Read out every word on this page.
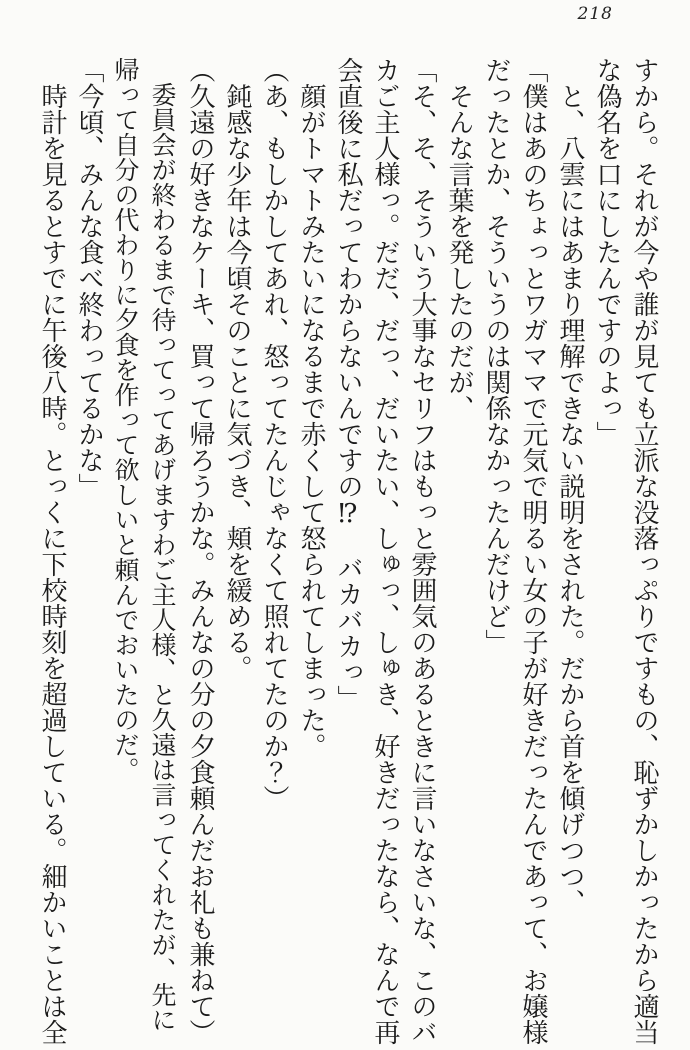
218

すから。それが今や誰が見ても立派な没落っぷりですもの、恥ずかしかったから適当な偽名を口にしたんですのよっ」

と、八雲にはあまり理解できない説明をされた。だから首を傾げつつ、

「僕はあのちょっとワガママで元気で明るい女の子が好きだったんであって、お嬢様だったとか、そういうのは関係なかったんだけど」

そんな言葉を発したのだが、

「そ、そ、そういう大事なセリフはもっと雰囲気のあるときに言いなさいな、このバカご主人様っ。だだ、だっ、だいたい、しゅっ、しゅき、好きだったなら、なんで再会直後に私だってわからないんですの⁉　バカバカっ」

顔がトマトみたいになるまで赤くして怒られてしまった。

（あ、もしかしてあれ、怒ってたんじゃなくて照れてたのか？）

鈍感な少年は今頃そのことに気づき、頬を緩める。

（久遠の好きなケーキ、買って帰ろうかな。みんなの分の夕食頼んだお礼も兼ねて）

委員会が終わるまで待ってってあげますわご主人様、と久遠は言ってくれたが、先に帰って自分の代わりに夕食を作って欲しいと頼んでおいたのだ。

「今頃、みんな食べ終わってるかな」

時計を見るとすでに午後八時。とっくに下校時刻を超過している。細かいことは全
